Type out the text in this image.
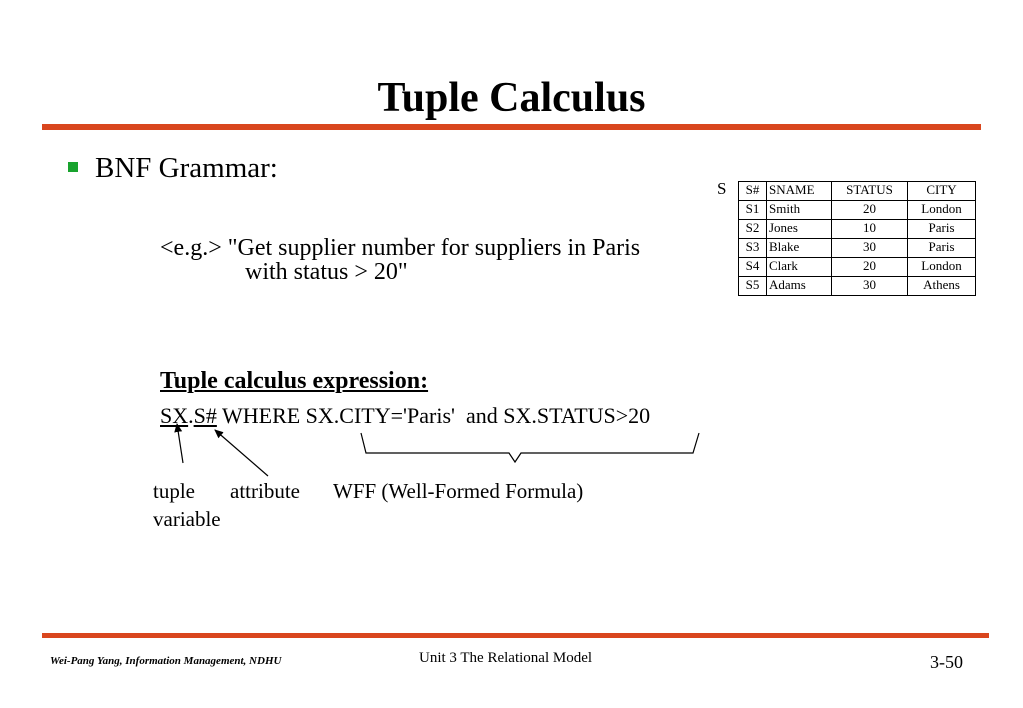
Tuple Calculus
BNF Grammar:
<e.g.> "Get supplier number for suppliers in Paris
with status > 20"
Tuple calculus expression:
SX.S# WHERE SX.CITY='Paris'  and SX.STATUS>20
tuple
variable
attribute WFF (Well-Formed Formula)
S S#	SNAME	STATUS	CITY
S1	Smith	20	London
S2	Jones	10	Paris
S3	Blake	30	Paris
S4	Clark	20	London
S5	Adams	30	Athens
Wei-Pang Yang, Information Management, NDHU	Unit 3 The Relational Model	3-50
